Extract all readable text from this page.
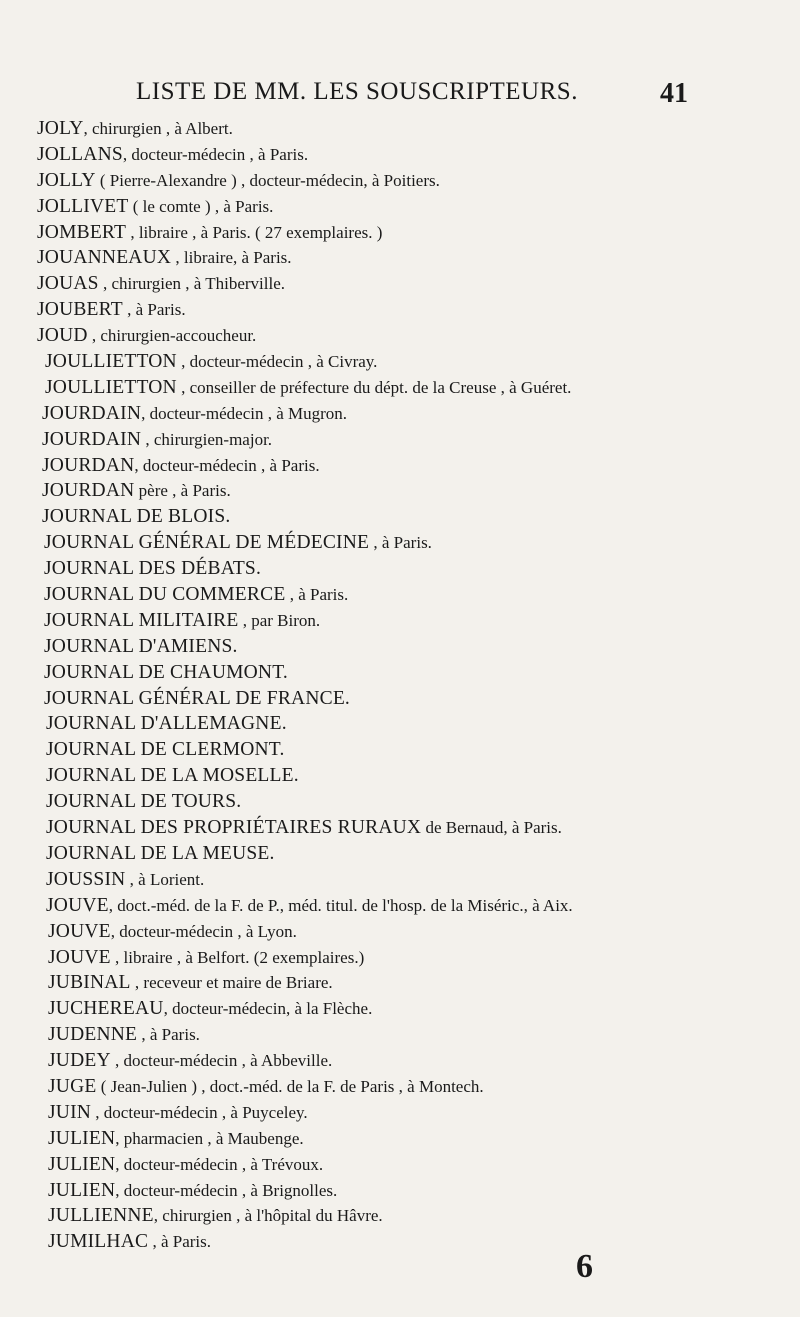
LISTE DE MM. LES SOUSCRIPTEURS.	41
JOLY, chirurgien , à Albert.
JOLLANS, docteur-médecin , à Paris.
JOLLY ( Pierre-Alexandre ) , docteur-médecin, à Poitiers.
JOLLIVET ( le comte ) , à Paris.
JOMBERT , libraire , à Paris. ( 27 exemplaires. )
JOUANNEAUX , libraire, à Paris.
JOUAS , chirurgien , à Thiberville.
JOUBERT , à Paris.
JOUD , chirurgien-accoucheur.
JOULLIETTON , docteur-médecin , à Civray.
JOULLIETTON , conseiller de préfecture du dépt. de la Creuse , à Guéret.
JOURDAIN, docteur-médecin , à Mugron.
JOURDAIN , chirurgien-major.
JOURDAN, docteur-médecin , à Paris.
JOURDAN père , à Paris.
JOURNAL DE BLOIS.
JOURNAL GÉNÉRAL DE MÉDECINE , à Paris.
JOURNAL DES DÉBATS.
JOURNAL DU COMMERCE , à Paris.
JOURNAL MILITAIRE , par Biron.
JOURNAL D'AMIENS.
JOURNAL DE CHAUMONT.
JOURNAL GÉNÉRAL DE FRANCE.
JOURNAL D'ALLEMAGNE.
JOURNAL DE CLERMONT.
JOURNAL DE LA MOSELLE.
JOURNAL DE TOURS.
JOURNAL DES PROPRIÉTAIRES RURAUX de Bernaud, à Paris.
JOURNAL DE LA MEUSE.
JOUSSIN , à Lorient.
JOUVE, doct.-méd. de la F. de P., méd. titul. de l'hosp. de la Miséric., à Aix.
JOUVE, docteur-médecin , à Lyon.
JOUVE , libraire , à Belfort. (2 exemplaires.)
JUBINAL , receveur et maire de Briare.
JUCHEREAU, docteur-médecin, à la Flèche.
JUDENNE , à Paris.
JUDEY , docteur-médecin , à Abbeville.
JUGE ( Jean-Julien ) , doct.-méd. de la F. de Paris , à Montech.
JUIN , docteur-médecin , à Puyceley.
JULIEN, pharmacien , à Maubenge.
JULIEN, docteur-médecin , à Trévoux.
JULIEN, docteur-médecin , à Brignolles.
JULLIENNE, chirurgien , à l'hôpital du Hâvre.
JUMILHAC , à Paris.
6
